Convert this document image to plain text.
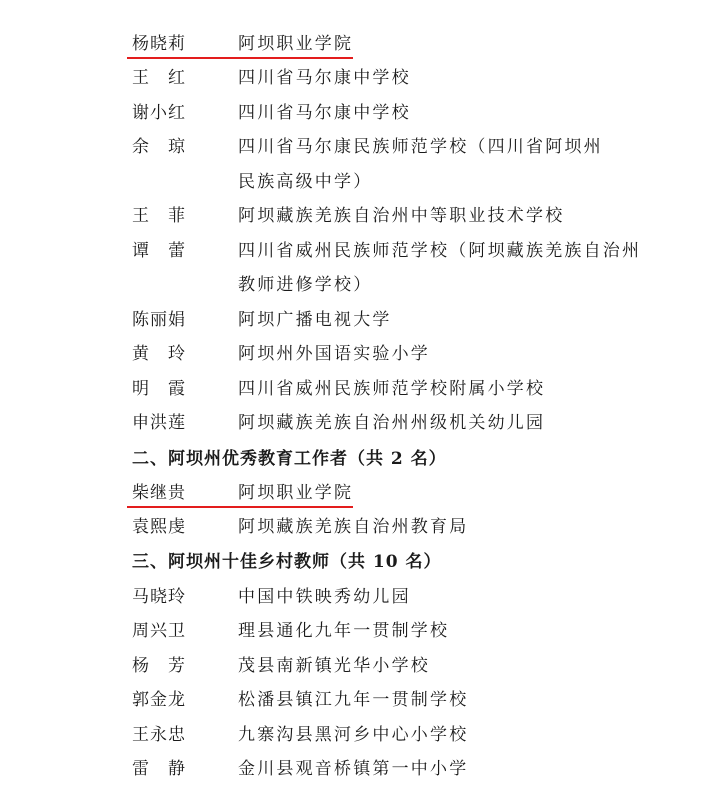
杨晓莉	阿坝职业学院
王　红	四川省马尔康中学校
谢小红	四川省马尔康中学校
余　琼	四川省马尔康民族师范学校（四川省阿坝州
民族高级中学）
王　菲	阿坝藏族羌族自治州中等职业技术学校
谭　蕾	四川省威州民族师范学校（阿坝藏族羌族自治州
教师进修学校）
陈丽娟	阿坝广播电视大学
黄　玲	阿坝州外国语实验小学
明　霞	四川省威州民族师范学校附属小学校
申洪莲	阿坝藏族羌族自治州州级机关幼儿园
二、阿坝州优秀教育工作者（共 2 名）
柴继贵	阿坝职业学院
袁熙虔	阿坝藏族羌族自治州教育局
三、阿坝州十佳乡村教师（共 10 名）
马晓玲	中国中铁映秀幼儿园
周兴卫	理县通化九年一贯制学校
杨　芳	茂县南新镇光华小学校
郭金龙	松潘县镇江九年一贯制学校
王永忠	九寨沟县黑河乡中心小学校
雷　静	金川县观音桥镇第一中小学
